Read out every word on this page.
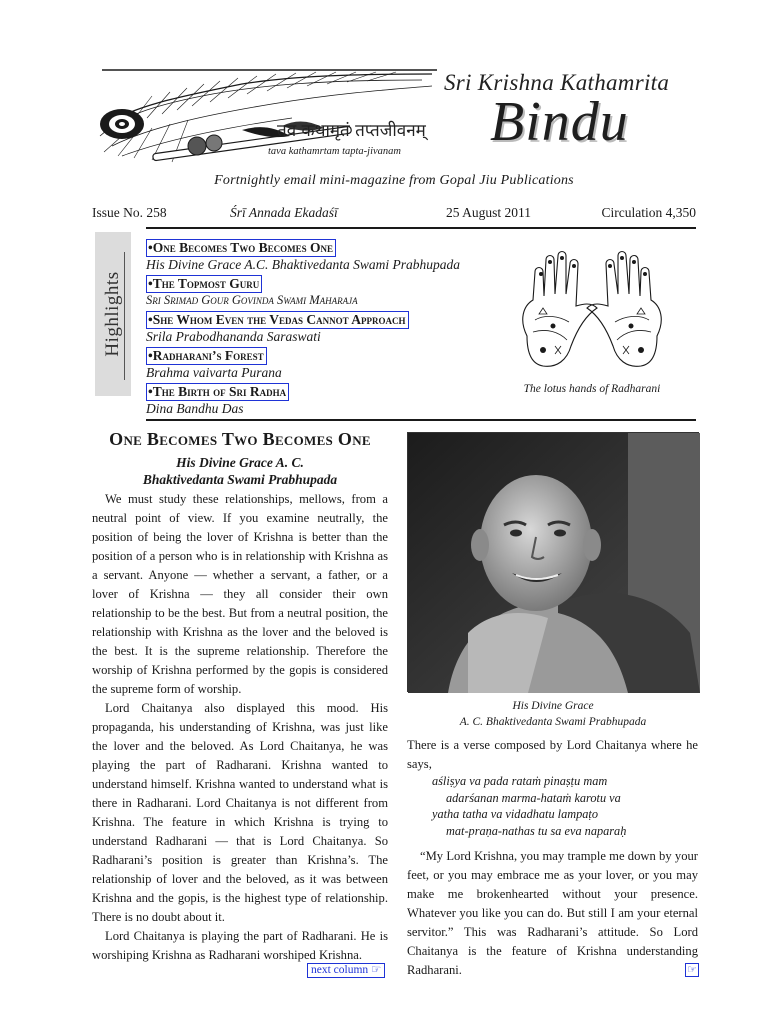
तव कथामृतं तप्तजीवनम्
tava kathamrtam tapta-jivanam
Sri Krishna Kathamrita
Bindu
Fortnightly email mini-magazine from Gopal Jiu Publications
Issue No. 258	Śrī Annada Ekadaśī	25 August 2011	Circulation 4,350
Highlights
•One Becomes Two Becomes One
His Divine Grace A.C. Bhaktivedanta Swami Prabhupada
•The Topmost Guru
Sri Srimad Gour Govinda Swami Maharaja
•She Whom Even the Vedas Cannot Approach
Srila Prabodhananda Saraswati
•Radharani’s Forest
Brahma vaivarta Purana
•The Birth of Sri Radha
Dina Bandhu Das
The lotus hands of Radharani
One Becomes Two Becomes One
His Divine Grace A. C.
Bhaktivedanta Swami Prabhupada

We must study these relationships, mellows, from a neutral point of view. If you examine neutrally, the position of being the lover of Krishna is better than the position of a person who is in relationship with Krishna as a servant. Anyone — whether a servant, a father, or a lover of Krishna — they all consider their own relationship to be the best. But from a neutral position, the relationship with Krishna as the lover and the beloved is the best. It is the supreme relationship. Therefore the worship of Krishna performed by the gopis is considered the supreme form of worship.

Lord Chaitanya also displayed this mood. His propaganda, his understanding of Krishna, was just like the lover and the beloved. As Lord Chaitanya, he was playing the part of Radharani. Krishna wanted to understand himself. Krishna wanted to understand what is there in Radharani. Lord Chaitanya is not different from Krishna. The feature in which Krishna is trying to understand Radharani — that is Lord Chaitanya. So Radharani’s position is greater than Krishna’s. The relationship of lover and the beloved, as it was between Krishna and the gopis, is the highest type of relationship. There is no doubt about it.

Lord Chaitanya is playing the part of Radharani. He is worshiping Krishna as Radharani worshiped Krishna.

His Divine Grace
A. C. Bhaktivedanta Swami Prabhupada

There is a verse composed by Lord Chaitanya where he says,

aśliṣya va pada rataṁ pinaṣṭu mam
adarśanan marma-hataṁ karotu va
yatha tatha va vidadhatu lampaṭo
mat-praṇa-nathas tu sa eva naparaḥ

“My Lord Krishna, you may trample me down by your feet, or you may embrace me as your lover, or you may make me brokenhearted without your presence. Whatever you like you can do. But still I am your eternal servitor.” This was Radharani’s attitude. So Lord Chaitanya is the feature of Krishna understanding Radharani.

next column ☞	☞
